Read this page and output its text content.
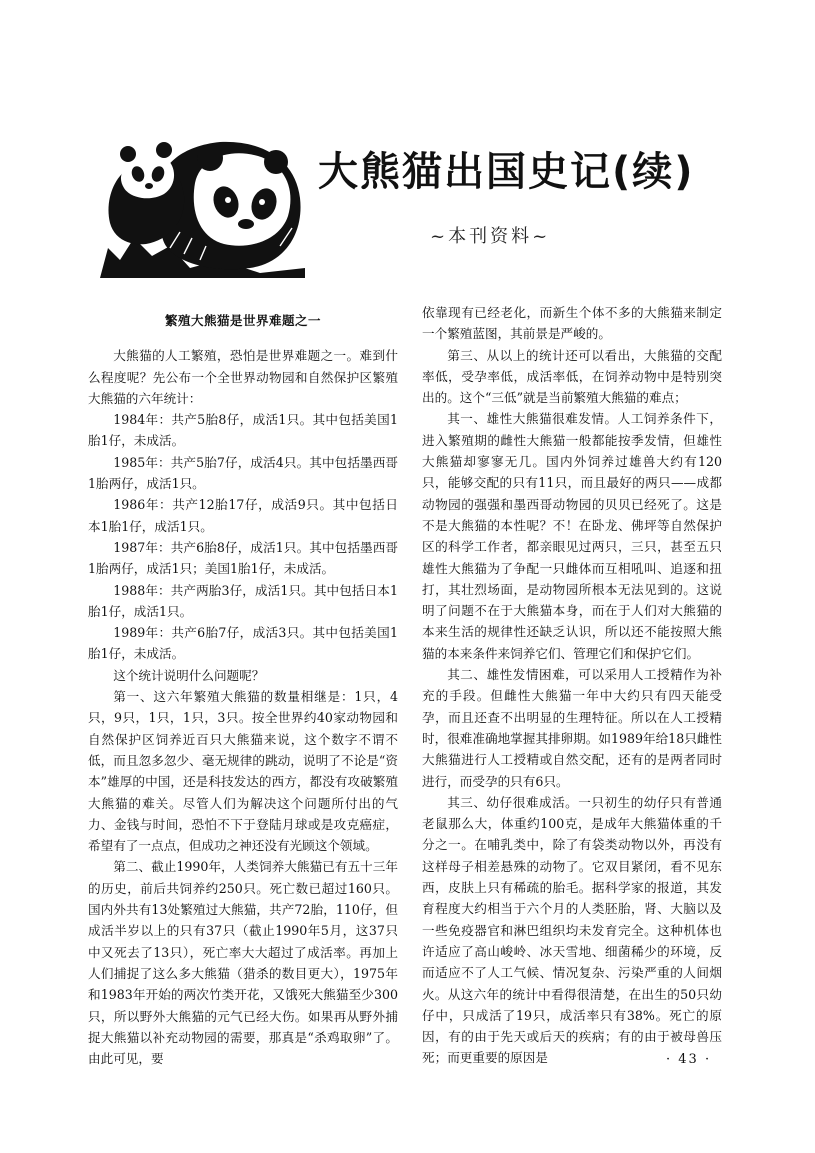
大熊猫出国史记(续)
~本刊资料~
繁殖大熊猫是世界难题之一

大熊猫的人工繁殖，恐怕是世界难题之一。难到什么程度呢？先公布一个全世界动物园和自然保护区繁殖大熊猫的六年统计：

1984年：共产5胎8仔，成活1只。其中包括美国1胎1仔，未成活。

1985年：共产5胎7仔，成活4只。其中包括墨西哥1胎两仔，成活1只。

1986年：共产12胎17仔，成活9只。其中包括日本1胎1仔，成活1只。

1987年：共产6胎8仔，成活1只。其中包括墨西哥1胎两仔，成活1只；美国1胎1仔，未成活。

1988年：共产两胎3仔，成活1只。其中包括日本1胎1仔，成活1只。

1989年：共产6胎7仔，成活3只。其中包括美国1胎1仔，未成活。

这个统计说明什么问题呢？

第一、这六年繁殖大熊猫的数量相继是：1只，4只，9只，1只，1只，3只。按全世界约40家动物园和自然保护区饲养近百只大熊猫来说，这个数字不谓不低，而且忽多忽少、毫无规律的跳动，说明了不论是“资本”雄厚的中国，还是科技发达的西方，都没有攻破繁殖大熊猫的难关。尽管人们为解决这个问题所付出的气力、金钱与时间，恐怕不下于登陆月球或是攻克癌症，希望有了一点点，但成功之神还没有光顾这个领域。

第二、截止1990年，人类饲养大熊猫已有五十三年的历史，前后共饲养约250只。死亡数已超过160只。国内外共有13处繁殖过大熊猫，共产72胎，110仔，但成活半岁以上的只有37只（截止1990年5月，这37只中又死去了13只），死亡率大大超过了成活率。再加上人们捕捉了这么多大熊猫（猎杀的数目更大），1975年和1983年开始的两次竹类开花，又饿死大熊猫至少300只，所以野外大熊猫的元气已经大伤。如果再从野外捕捉大熊猫以补充动物园的需要，那真是“杀鸡取卵”了。由此可见，要

依靠现有已经老化，而新生个体不多的大熊猫来制定一个繁殖蓝图，其前景是严峻的。

第三、从以上的统计还可以看出，大熊猫的交配率低，受孕率低，成活率低，在饲养动物中是特别突出的。这个“三低”就是当前繁殖大熊猫的难点；

其一、雄性大熊猫很难发情。人工饲养条件下，进入繁殖期的雌性大熊猫一般都能按季发情，但雄性大熊猫却寥寥无几。国内外饲养过雄兽大约有120只，能够交配的只有11只，而且最好的两只——成都动物园的强强和墨西哥动物园的贝贝已经死了。这是不是大熊猫的本性呢？不！在卧龙、佛坪等自然保护区的科学工作者，都亲眼见过两只，三只，甚至五只雄性大熊猫为了争配一只雌体而互相吼叫、追逐和扭打，其壮烈场面，是动物园所根本无法见到的。这说明了问题不在于大熊猫本身，而在于人们对大熊猫的本来生活的规律性还缺乏认识，所以还不能按照大熊猫的本来条件来饲养它们、管理它们和保护它们。

其二、雄性发情困难，可以采用人工授精作为补充的手段。但雌性大熊猫一年中大约只有四天能受孕，而且还查不出明显的生理特征。所以在人工授精时，很难准确地掌握其排卵期。如1989年给18只雌性大熊猫进行人工授精或自然交配，还有的是两者同时进行，而受孕的只有6只。

其三、幼仔很难成活。一只初生的幼仔只有普通老鼠那么大，体重约100克，是成年大熊猫体重的千分之一。在哺乳类中，除了有袋类动物以外，再没有这样母子相差悬殊的动物了。它双目紧闭，看不见东西，皮肤上只有稀疏的胎毛。据科学家的报道，其发育程度大约相当于六个月的人类胚胎，肾、大脑以及一些免疫器官和淋巴组织均未发育完全。这种机体也许适应了高山峻岭、冰天雪地、细菌稀少的环境，反而适应不了人工气候、情况复杂、污染严重的人间烟火。从这六年的统计中看得很清楚，在出生的50只幼仔中，只成活了19只，成活率只有38%。死亡的原因，有的由于先天或后天的疾病；有的由于被母兽压死；而更重要的原因是	· 43 ·
